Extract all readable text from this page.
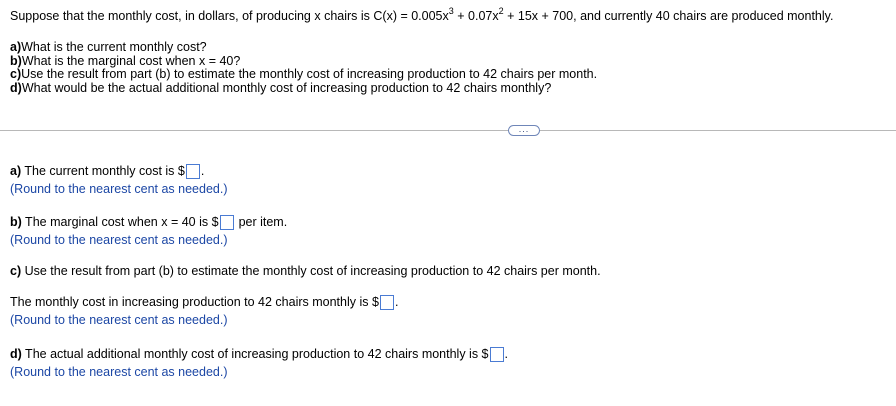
Suppose that the monthly cost, in dollars, of producing x chairs is $C(x) = 0.005x^3 + 0.07x^2 + 15x + 700$, and currently 40 chairs are produced monthly.
a)What is the current monthly cost?
b)What is the marginal cost when x = 40?
c)Use the result from part (b) to estimate the monthly cost of increasing production to 42 chairs per month.
d)What would be the actual additional monthly cost of increasing production to 42 chairs monthly?
...
a) The current monthly cost is $ .
(Round to the nearest cent as needed.)
b) The marginal cost when x = 40 is $ per item.
(Round to the nearest cent as needed.)
c) Use the result from part (b) to estimate the monthly cost of increasing production to 42 chairs per month.
The monthly cost in increasing production to 42 chairs monthly is $ .
(Round to the nearest cent as needed.)
d) The actual additional monthly cost of increasing production to 42 chairs monthly is $ .
(Round to the nearest cent as needed.)
